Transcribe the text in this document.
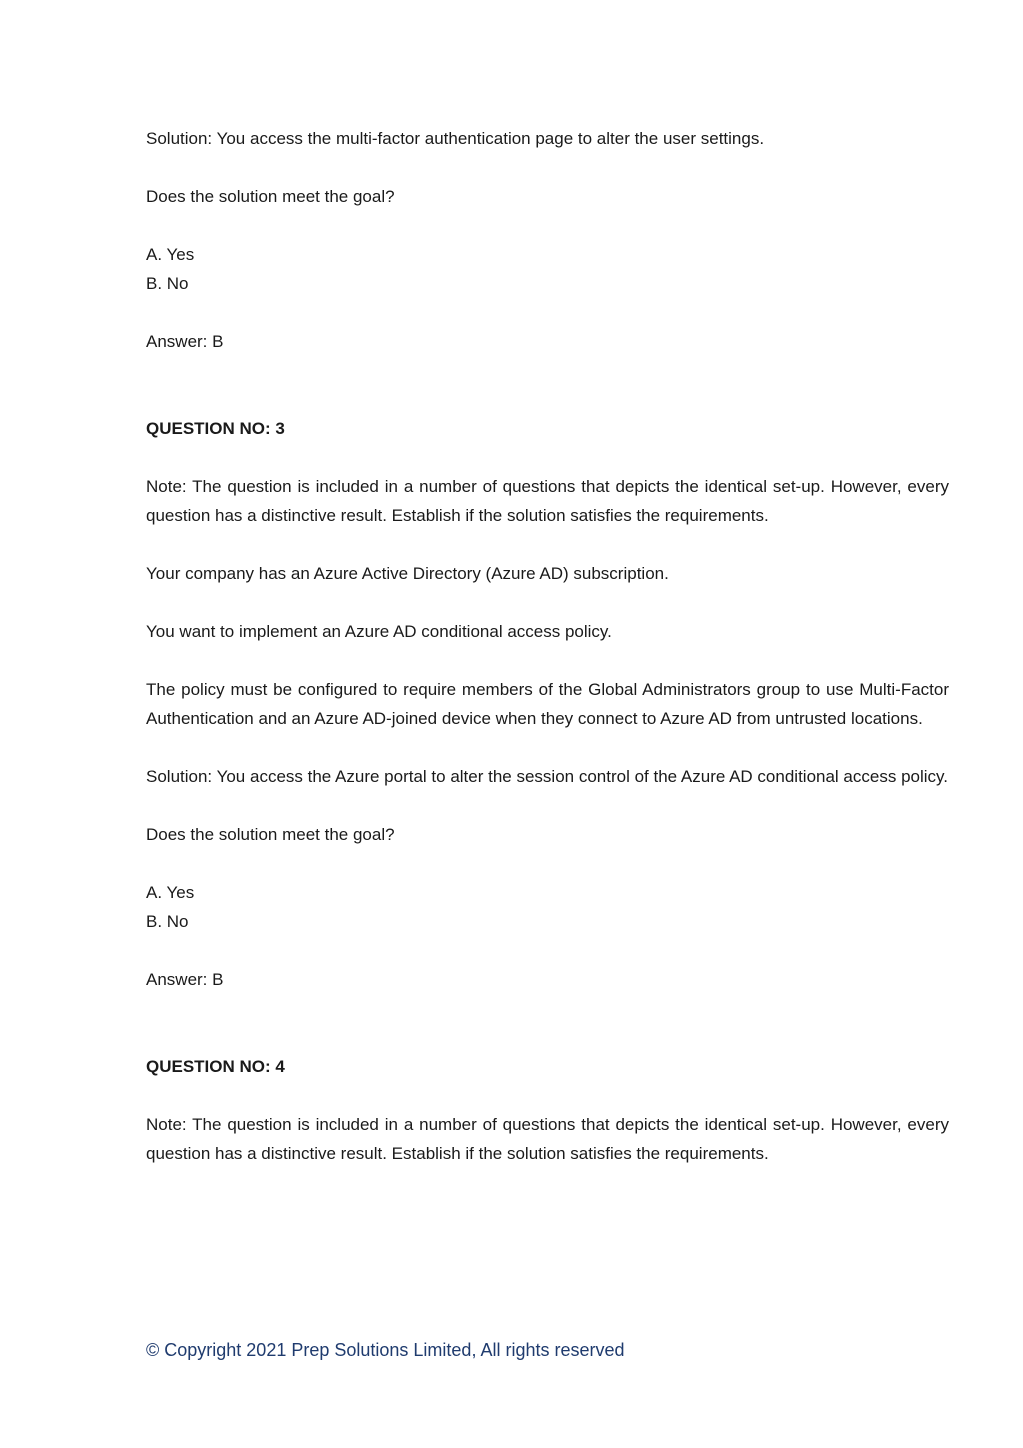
Solution: You access the multi-factor authentication page to alter the user settings.

Does the solution meet the goal?

A. Yes

B. No

Answer: B

QUESTION NO: 3

Note: The question is included in a number of questions that depicts the identical set-up. However, every question has a distinctive result. Establish if the solution satisfies the requirements.

Your company has an Azure Active Directory (Azure AD) subscription.

You want to implement an Azure AD conditional access policy.

The policy must be configured to require members of the Global Administrators group to use Multi-Factor Authentication and an Azure AD-joined device when they connect to Azure AD from untrusted locations.

Solution: You access the Azure portal to alter the session control of the Azure AD conditional access policy.

Does the solution meet the goal?

A. Yes

B. No

Answer: B

QUESTION NO: 4

Note: The question is included in a number of questions that depicts the identical set-up. However, every question has a distinctive result. Establish if the solution satisfies the requirements.

© Copyright 2021 Prep Solutions Limited, All rights reserved
